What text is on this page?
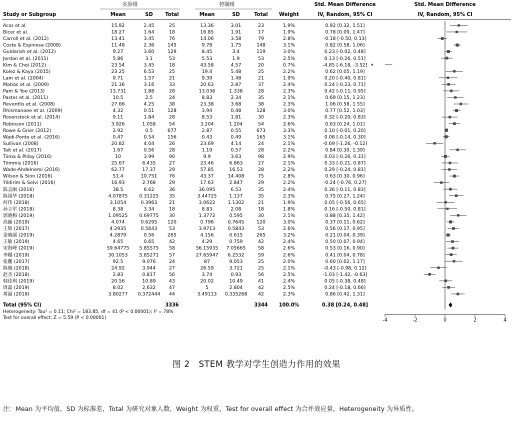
实验组	控制组	Std. Mean Difference	Std. Mean Difference
Study or Subgroup	Mean	SD Total	Mean	SD	Total Weight	IV, Random, 95% CI	IV, Random, 95% CI
Acar et al.	15.92	2.45	25	13.36	3.01	23	1.9%	0.92 [0.32, 1.51]
Bicer et al.	18.27	1.64	18	16.85	1.91	17	1.9%	0.78 [0.09, 1.47]
Carroll et al. (2012)	13.41	3.45	76	14.06	3.58	79	2.8%	-0.18 [-0.50, 0.13]
Coste & Espinosa (2008)	11.48	2.36	145	9.78	1.75	148	3.1%	0.82 [0.58, 1.06]
Guldarish et al. (2012)	9.27	3.60	129	8.45	3.4	119	3.0%	0.23 [-0.02, 0.48]
Jordan et al. (2011)	5.86	3.1	53	5.53	1.9	53	2.5%	0.13 [-0.26, 0.51]
Kim & Choi (2012)	23.54	3.45	18	43.58	4.57	20	0.7%	-4.85 [-6.18, -3.52]
Kolez & Kaya (2015)	23.25	6.53	25	19.4	5.48	25	2.2%	0.62 [0.05, 1.19]
Lam et al. (2004)	9.71	1.57	21	9.39	1.48	21	1.9%	0.20 [-0.40, 0.81]
Matias et al. (2009)	21.36	3.16	33	20.63	2.87	37	2.4%	0.24 [-0.23, 0.71]
Pam & Yoo (2013)	13.731	1.88	28	13.036	1.338	28	2.3%	0.42 [-0.11, 0.95]
Paster et al. (2011)	10.5	2.5	24	8.83	2.34	35	2.1%	0.69 [0.15, 1.23]
Reventlis et al. (2008)	27.66	4.25	38	23.38	3.68	38	2.3%	1.06 [0.58, 1.55]
Rhismanoee et al. (2009)	4.32	0.51	128	3.94	0.48	128	3.0%	0.77 [0.52, 1.03]
Rosenstock et al. (2014)	9.11	1.84	28	8.53	1.81	30	2.3%	0.32 [-0.20, 0.83]
Robinson (2011)	3.926	1.058	54	3.204	1.204	54	2.6%	0.63 [0.24, 1.01]
Rowe & Grier (2012)	2.92	0.5	677	2.87	0.55	673	3.3%	0.10 [-0.01, 0.20]
Wadi-Ponte et al. (2016)	0.47	0.54	156	0.43	0.49	165	3.1%	0.08 [-0.14, 0.30]
Sullivan (2008)	20.82	4.04	26	23.69	4.14	24	2.1%	-0.69 [-1.26, -0.12]
Tait et al. (2017)	1.67	0.56	28	1.19	0.57	28	2.2%	0.84 [0.30, 1.39]
Tiima & Pillay (2016)	10	3.99	90	9.9	3.63	98	2.9%	0.03 [-0.26, 0.31]
Tiimmis (2016)	25.67	6.435	27	23.46	6.863	27	2.1%	0.33 [-0.21, 0.87]
Wade-Ahdelnemi (2016)	62.77	17.37	29	57.85	16.53	28	2.2%	0.29 [-0.24, 0.81]
Wilson & Sinn (2016)	51.4	10.751	76	43.37	14.408	75	2.8%	0.63 [0.30, 0.96]
Yildirim & Selvi (2016)	16.93	2.768	29	17.63	2.847	29	2.2%	-0.24 [-0.76, 0.27]
陈志刚 (2016)	38.5	6.62	36	36.095	6.53	35	2.4%	0.36 [-0.11, 0.83]
陈国华 (2018)	4.07875 0.31225 35	3.44725	1.137	35	2.3%	0.75 [0.27, 1.24]
何伟 (2018)	3.1054	0.3963	21	3.0622	1.1302	21	1.9%	0.05 [-0.56, 0.65]
孙立军 (2018)	8.38	3.34	18	8.83	2.08	18	1.8%	0.16 [-0.50, 0.81]
郭晓梅 (2019)	1.09525 0.69775 30	1.3772	0.595	30	2.1%	0.88 [0.35, 1.42]
高颖 (2019)	4.074	0.6295 120	0.796	0.7645	120	3.0%	0.37 [0.11, 0.62]
王辉 (2017)	4.2935	0.5643	53	3.9713	0.5843	53	2.6%	0.56 [0.17, 0.95]
金晓丽 (2019)	4.2879	0.56	265	4.156	0.615	265	3.2%	0.21 [0.04, 0.39]
王敏 (2019)	4.65	0.65	42	4.29	0.759	42	2.4%	0.50 [0.07, 0.94]
宋海峰 (2019)	59.64775 5.85575 58	56.15935 7.05665	58	2.6%	0.53 [0.16, 0.90]
李娜 (2019)	30.1053 5.85271 57	27.65947 6.2532	59	2.6%	0.41 [0.04, 0.78]
张鹏 (2017)	92.5	9.076	24	87	9.053	25	2.0%	0.60 [0.02, 1.17]
陈晓 (2018)	24.92	3.944	27	26.59	3.721	25	2.1%	-0.43 [-0.98, 0.12]
赵杰 (2018)	2.83	0.817	56	3.74	0.93	56	2.5%	-1.03 [-1.42, -0.63]
韩佳琪 (2019)	20.56	10.89	43	20.02	10.49	41	2.4%	0.05 [-0.38, 0.48]
周磊 (2019)	8.02	2.632	47	5	2.804	42	2.5%	0.24 [-0.18, 0.66]
黄丽 (2019)	3.80277 0.372444 44	3.49113 0.335268 42	2.3%	0.86 [0.42, 1.31]
Total (95% CI)	3336	3344 100.0%	0.38 [0.24, 0.48]
Heterogeneity: Tau² = 0.11; Chi² = 183.85, df = 41 (P < 0.00001); I² = 78%
Test for overall effect: Z = 5.59 (P < 0.00001)	-4	-2	0	2	4
图 2　STEM 教学对学生创造力作用的效果
注：Mean 为平均值，SD 为标准差，Total 为研究对象人数，Weight 为权重，Test for overall effect 为合并效应量，Heterogeneity 为异质性。
